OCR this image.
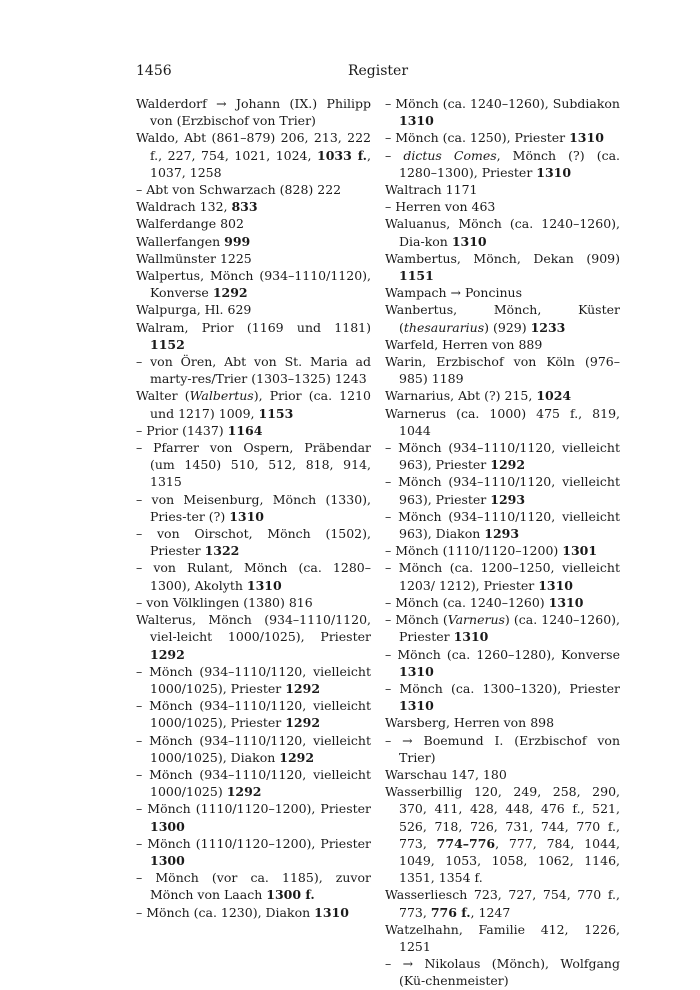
1456	Register
Walderdorf → Johann (IX.) Philipp von (Erzbischof von Trier)
Waldo, Abt (861–879) 206, 213, 222 f., 227, 754, 1021, 1024, 1033 f., 1037, 1258
– Abt von Schwarzach (828) 222
Waldrach 132, 833
Walferdange 802
Wallerfangen 999
Wallmünster 1225
Walpertus, Mönch (934–1110/1120), Konverse 1292
Walpurga, Hl. 629
Walram, Prior (1169 und 1181) 1152
– von Ören, Abt von St. Maria ad marty-res/Trier (1303–1325) 1243
Walter (Walbertus), Prior (ca. 1210 und 1217) 1009, 1153
– Prior (1437) 1164
– Pfarrer von Ospern, Präbendar (um 1450) 510, 512, 818, 914, 1315
– von Meisenburg, Mönch (1330), Pries-ter (?) 1310
– von Oirschot, Mönch (1502), Priester 1322
– von Rulant, Mönch (ca. 1280–1300), Akolyth 1310
– von Völklingen (1380) 816
Walterus, Mönch (934–1110/1120, viel-leicht 1000/1025), Priester 1292
– Mönch (934–1110/1120, vielleicht 1000/1025), Priester 1292
– Mönch (934–1110/1120, vielleicht 1000/1025), Priester 1292
– Mönch (934–1110/1120, vielleicht 1000/1025), Diakon 1292
– Mönch (934–1110/1120, vielleicht 1000/1025) 1292
– Mönch (1110/1120–1200), Priester 1300
– Mönch (1110/1120–1200), Priester 1300
– Mönch (vor ca. 1185), zuvor Mönch von Laach 1300 f.
– Mönch (ca. 1230), Diakon 1310
– Mönch (ca. 1240–1260), Subdiakon 1310
– Mönch (ca. 1250), Priester 1310
– dictus Comes, Mönch (?) (ca. 1280–1300), Priester 1310
Waltrach 1171
– Herren von 463
Waluanus, Mönch (ca. 1240–1260), Dia-kon 1310
Wambertus, Mönch, Dekan (909) 1151
Wampach → Poncinus
Wanbertus, Mönch, Küster (thesaurarius) (929) 1233
Warfeld, Herren von 889
Warin, Erzbischof von Köln (976–985) 1189
Warnarius, Abt (?) 215, 1024
Warnerus (ca. 1000) 475 f., 819, 1044
– Mönch (934–1110/1120, vielleicht 963), Priester 1292
– Mönch (934–1110/1120, vielleicht 963), Priester 1293
– Mönch (934–1110/1120, vielleicht 963), Diakon 1293
– Mönch (1110/1120–1200) 1301
– Mönch (ca. 1200–1250, vielleicht 1203/ 1212), Priester 1310
– Mönch (ca. 1240–1260) 1310
– Mönch (Varnerus) (ca. 1240–1260), Priester 1310
– Mönch (ca. 1260–1280), Konverse 1310
– Mönch (ca. 1300–1320), Priester 1310
Warsberg, Herren von 898
– → Boemund I. (Erzbischof von Trier)
Warschau 147, 180
Wasserbillig 120, 249, 258, 290, 370, 411, 428, 448, 476 f., 521, 526, 718, 726, 731, 744, 770 f., 773, 774–776, 777, 784, 1044, 1049, 1053, 1058, 1062, 1146, 1351, 1354 f.
Wasserliesch 723, 727, 754, 770 f., 773, 776 f., 1247
Watzelhahn, Familie 412, 1226, 1251
– → Nikolaus (Mönch), Wolfgang (Kü-chenmeister)
